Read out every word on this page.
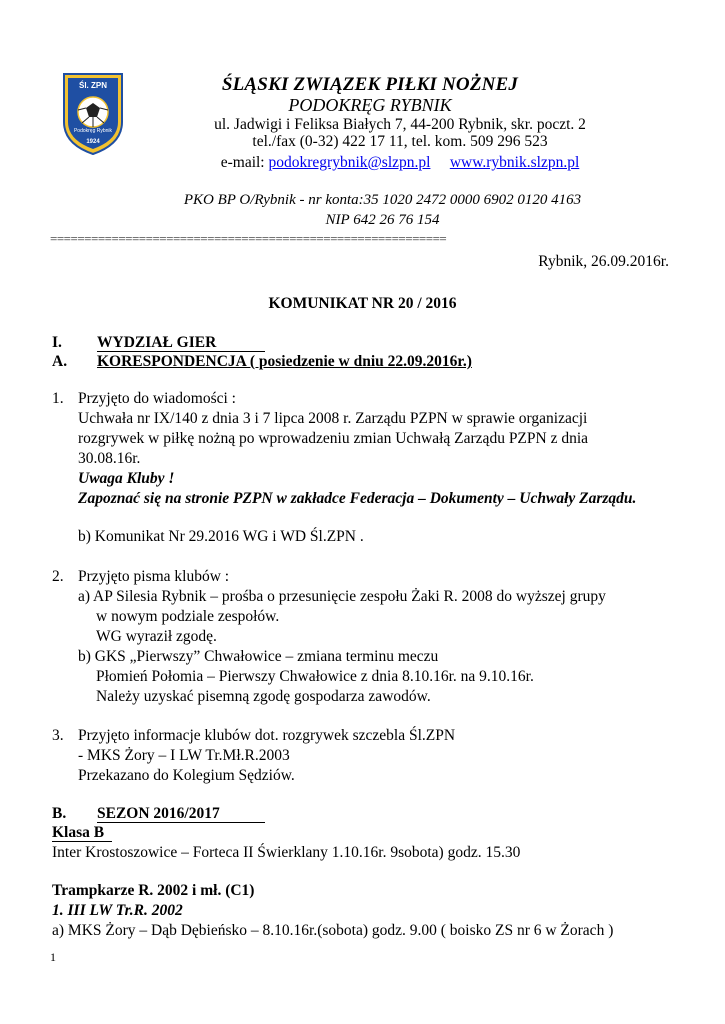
Śl. ZPN
Podokręg Rybnik
1924
ŚLĄSKI ZWIĄZEK PIŁKI NOŻNEJ
PODOKRĘG RYBNIK
ul. Jadwigi i Feliksa Białych 7, 44-200 Rybnik, skr. poczt. 2
tel./fax (0-32) 422 17 11, tel. kom. 509 296 523
e-mail: podokregrybnik@slzpn.pl www.rybnik.slzpn.pl
PKO BP O/Rybnik - nr konta:35 1020 2472 0000 6902 0120 4163
NIP 642 26 76 154
==========================================================
Rybnik, 26.09.2016r.
KOMUNIKAT NR 20 / 2016
I. WYDZIAŁ GIER
A. KORESPONDENCJA ( posiedzenie w dniu 22.09.2016r.)
1. Przyjęto do wiadomości :
Uchwała nr IX/140 z dnia 3 i 7 lipca 2008 r. Zarządu PZPN w sprawie organizacji
rozgrywek w piłkę nożną po wprowadzeniu zmian Uchwałą Zarządu PZPN z dnia
30.08.16r.
Uwaga Kluby !
Zapoznać się na stronie PZPN w zakładce Federacja – Dokumenty – Uchwały Zarządu.
b) Komunikat Nr 29.2016 WG i WD Śl.ZPN .
2. Przyjęto pisma klubów :
a) AP Silesia Rybnik – prośba o przesunięcie zespołu Żaki R. 2008 do wyższej grupy
w nowym podziale zespołów.
WG wyraził zgodę.
b) GKS „Pierwszy” Chwałowice – zmiana terminu meczu
Płomień Połomia – Pierwszy Chwałowice z dnia 8.10.16r. na 9.10.16r.
Należy uzyskać pisemną zgodę gospodarza zawodów.
3. Przyjęto informacje klubów dot. rozgrywek szczebla Śl.ZPN
- MKS Żory – I LW Tr.Mł.R.2003
Przekazano do Kolegium Sędziów.
B. SEZON 2016/2017
Klasa B
Inter Krostoszowice – Forteca II Świerklany 1.10.16r. 9sobota) godz. 15.30
Trampkarze R. 2002 i mł. (C1)
1. III LW Tr.R. 2002
a) MKS Żory – Dąb Dębieńsko – 8.10.16r.(sobota) godz. 9.00 ( boisko ZS nr 6 w Żorach )
1
